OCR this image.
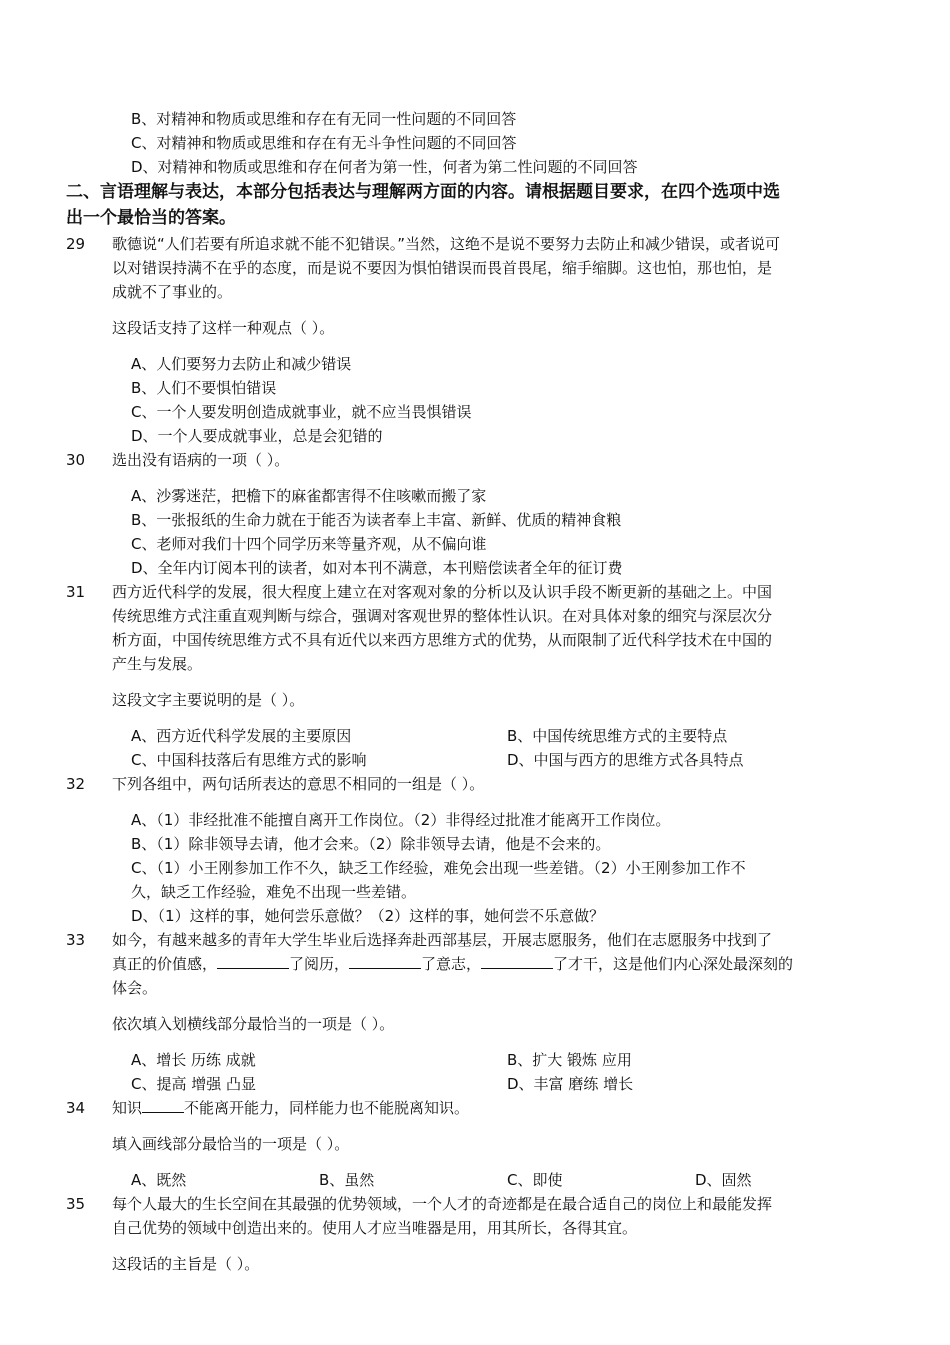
B、对精神和物质或思维和存在有无同一性问题的不同回答
C、对精神和物质或思维和存在有无斗争性问题的不同回答
D、对精神和物质或思维和存在何者为第一性，何者为第二性问题的不同回答
二、言语理解与表达，本部分包括表达与理解两方面的内容。请根据题目要求，在四个选项中选
出一个最恰当的答案。
29 歌德说“人们若要有所追求就不能不犯错误。”当然，这绝不是说不要努力去防止和减少错误，或者说可
以对错误持满不在乎的态度，而是说不要因为惧怕错误而畏首畏尾，缩手缩脚。这也怕，那也怕，是
成就不了事业的。
这段话支持了这样一种观点（ ）。
A、人们要努力去防止和减少错误
B、人们不要惧怕错误
C、一个人要发明创造成就事业，就不应当畏惧错误
D、一个人要成就事业，总是会犯错的
30 选出没有语病的一项（ ）。
A、沙雾迷茫，把檐下的麻雀都害得不住咳嗽而搬了家
B、一张报纸的生命力就在于能否为读者奉上丰富、新鲜、优质的精神食粮
C、老师对我们十四个同学历来等量齐观，从不偏向谁
D、全年内订阅本刊的读者，如对本刊不满意，本刊赔偿读者全年的征订费
31 西方近代科学的发展，很大程度上建立在对客观对象的分析以及认识手段不断更新的基础之上。中国
传统思维方式注重直观判断与综合，强调对客观世界的整体性认识。在对具体对象的细究与深层次分
析方面，中国传统思维方式不具有近代以来西方思维方式的优势，从而限制了近代科学技术在中国的
产生与发展。
这段文字主要说明的是（ ）。
A、西方近代科学发展的主要原因	B、中国传统思维方式的主要特点
C、中国科技落后有思维方式的影响	D、中国与西方的思维方式各具特点
32 下列各组中，两句话所表达的意思不相同的一组是（ ）。
A、（1）非经批准不能擅自离开工作岗位。（2）非得经过批准才能离开工作岗位。
B、（1）除非领导去请，他才会来。（2）除非领导去请，他是不会来的。
C、（1）小王刚参加工作不久，缺乏工作经验，难免会出现一些差错。（2）小王刚参加工作不
久，缺乏工作经验，难免不出现一些差错。
D、（1）这样的事，她何尝乐意做？（2）这样的事，她何尝不乐意做？
33 如今，有越来越多的青年大学生毕业后选择奔赴西部基层，开展志愿服务，他们在志愿服务中找到了
真正的价值感，	了阅历，	了意志，	了才干，这是他们内心深处最深刻的
体会。
依次填入划横线部分最恰当的一项是（ ）。
A、增长 历练 成就	B、扩大 锻炼 应用
C、提高 增强 凸显	D、丰富 磨练 增长
34 知识	不能离开能力，同样能力也不能脱离知识。
填入画线部分最恰当的一项是（ ）。
A、既然	B、虽然	C、即使	D、固然
35 每个人最大的生长空间在其最强的优势领域，一个人才的奇迹都是在最合适自己的岗位上和最能发挥
自己优势的领域中创造出来的。使用人才应当唯器是用，用其所长，各得其宜。
这段话的主旨是（ ）。
